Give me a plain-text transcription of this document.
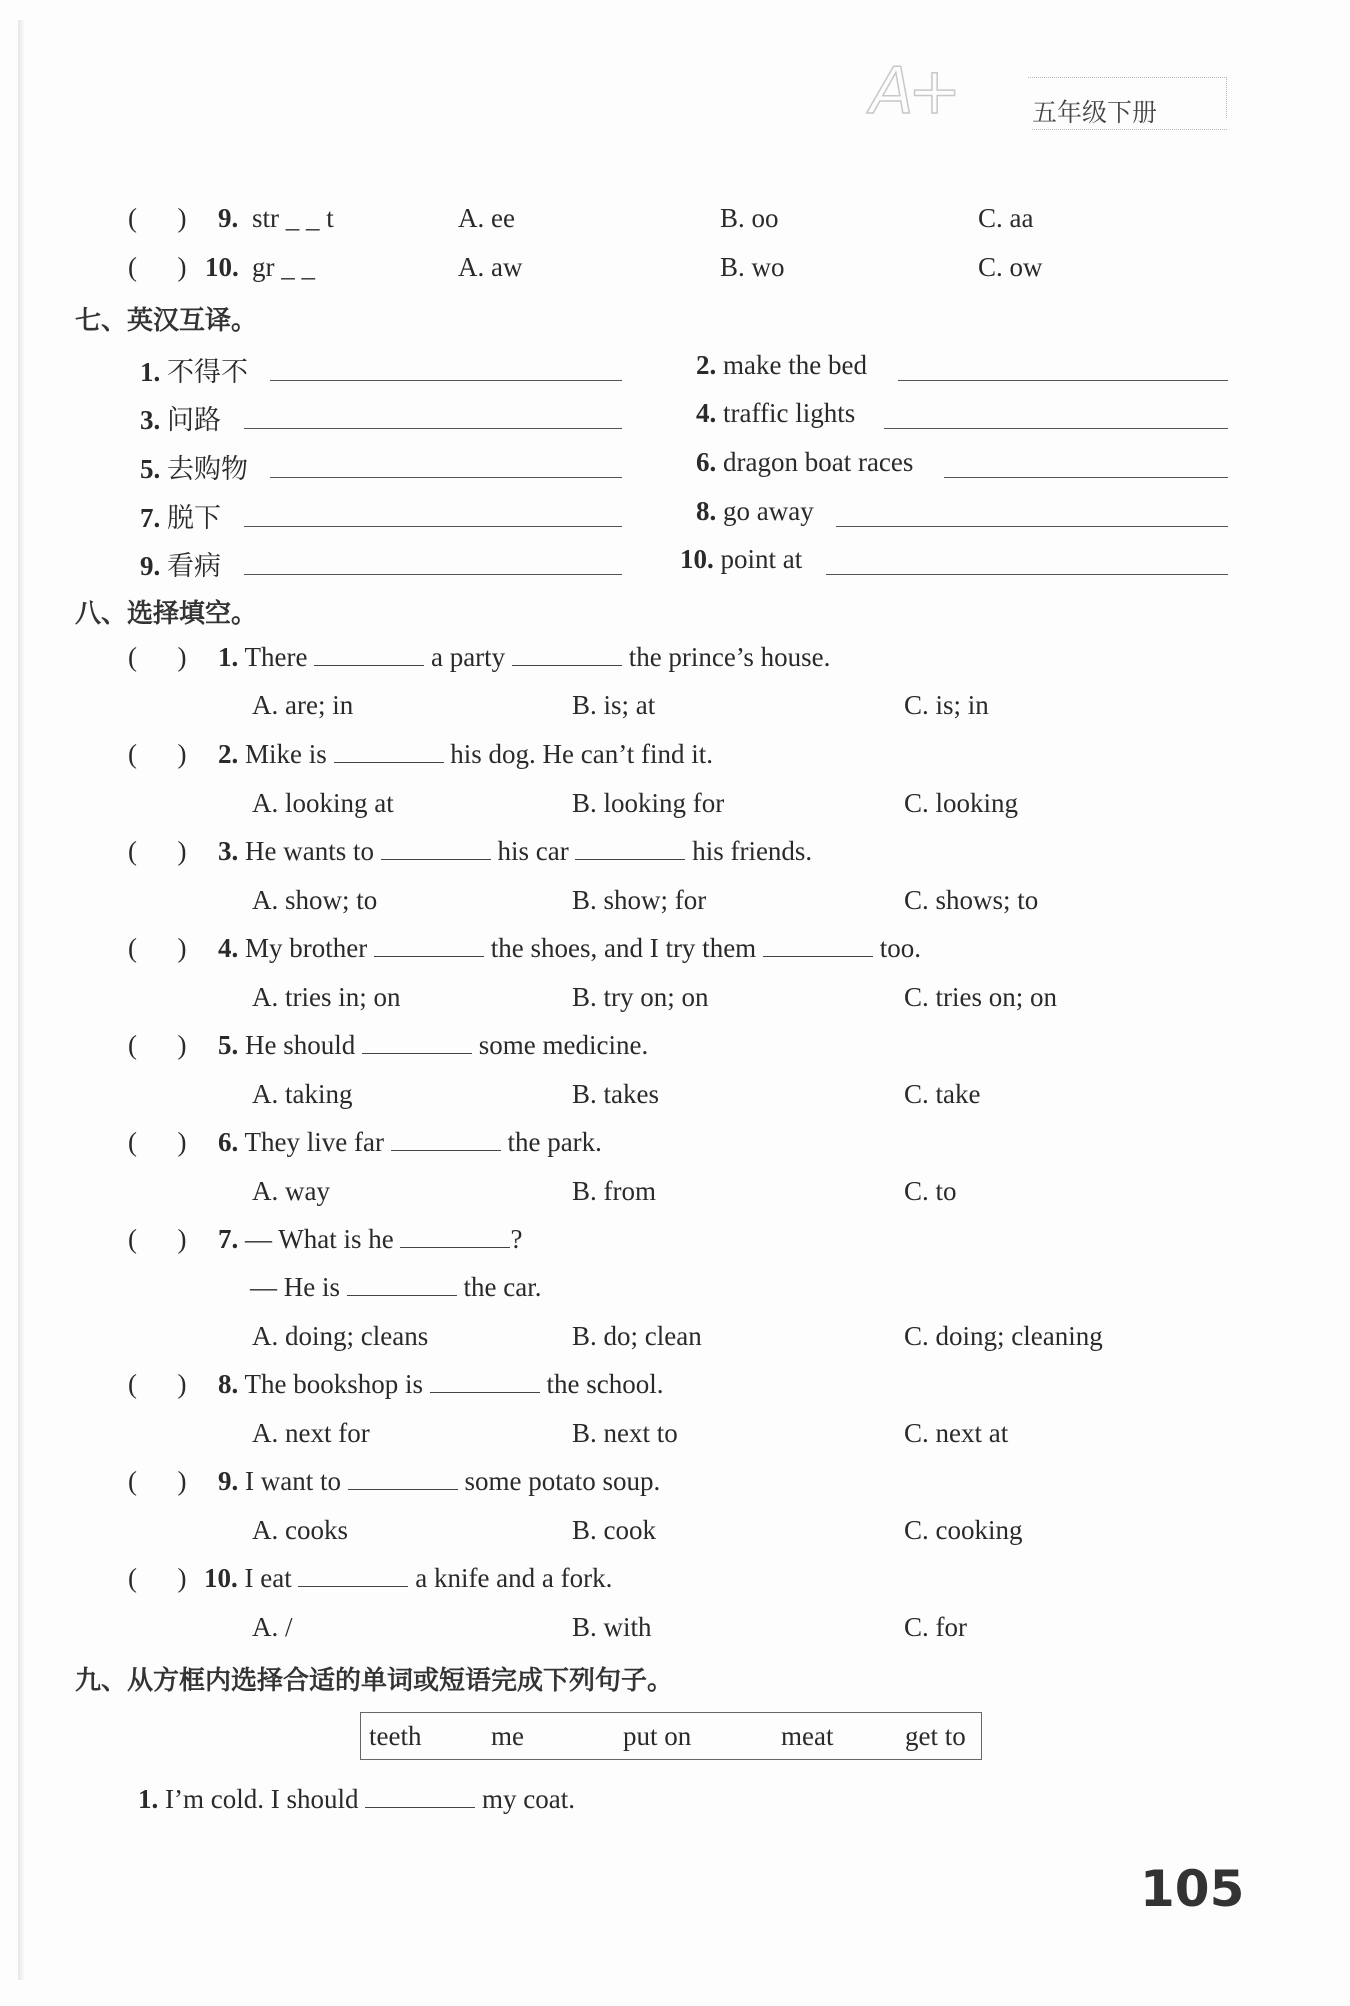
A+	五年级下册
(      ) 9. str _ _ t	A. ee	B. oo	C. aa
(      ) 10. gr _ _	A. aw	B. wo	C. ow
七、英汉互译。
1. 不得不	2. make the bed
3. 问路	4. traffic lights
5. 去购物	6. dragon boat races
7. 脱下	8. go away
9. 看病	10. point at
八、选择填空。
(      ) 1. There	a party	the prince’s house.
A. are; in	B. is; at	C. is; in
(      ) 2. Mike is	his dog. He can’t find it.
A. looking at	B. looking for	C. looking
(      ) 3. He wants to	his car	his friends.
A. show; to	B. show; for	C. shows; to
(      ) 4. My brother	the shoes, and I try them	too.
A. tries in; on	B. try on; on	C. tries on; on
(      ) 5. He should	some medicine.
A. taking	B. takes	C. take
(      ) 6. They live far	the park.
A. way	B. from	C. to
(      ) 7. — What is he	?
— He is	the car.
A. doing; cleans	B. do; clean	C. doing; cleaning
(      ) 8. The bookshop is	the school.
A. next for	B. next to	C. next at
(      ) 9. I want to	some potato soup.
A. cooks	B. cook	C. cooking
(      ) 10. I eat	a knife and a fork.
A. /	B. with	C. for
九、从方框内选择合适的单词或短语完成下列句子。
teeth	me	put on	meat	get to
1. I’m cold. I should	my coat.
105
